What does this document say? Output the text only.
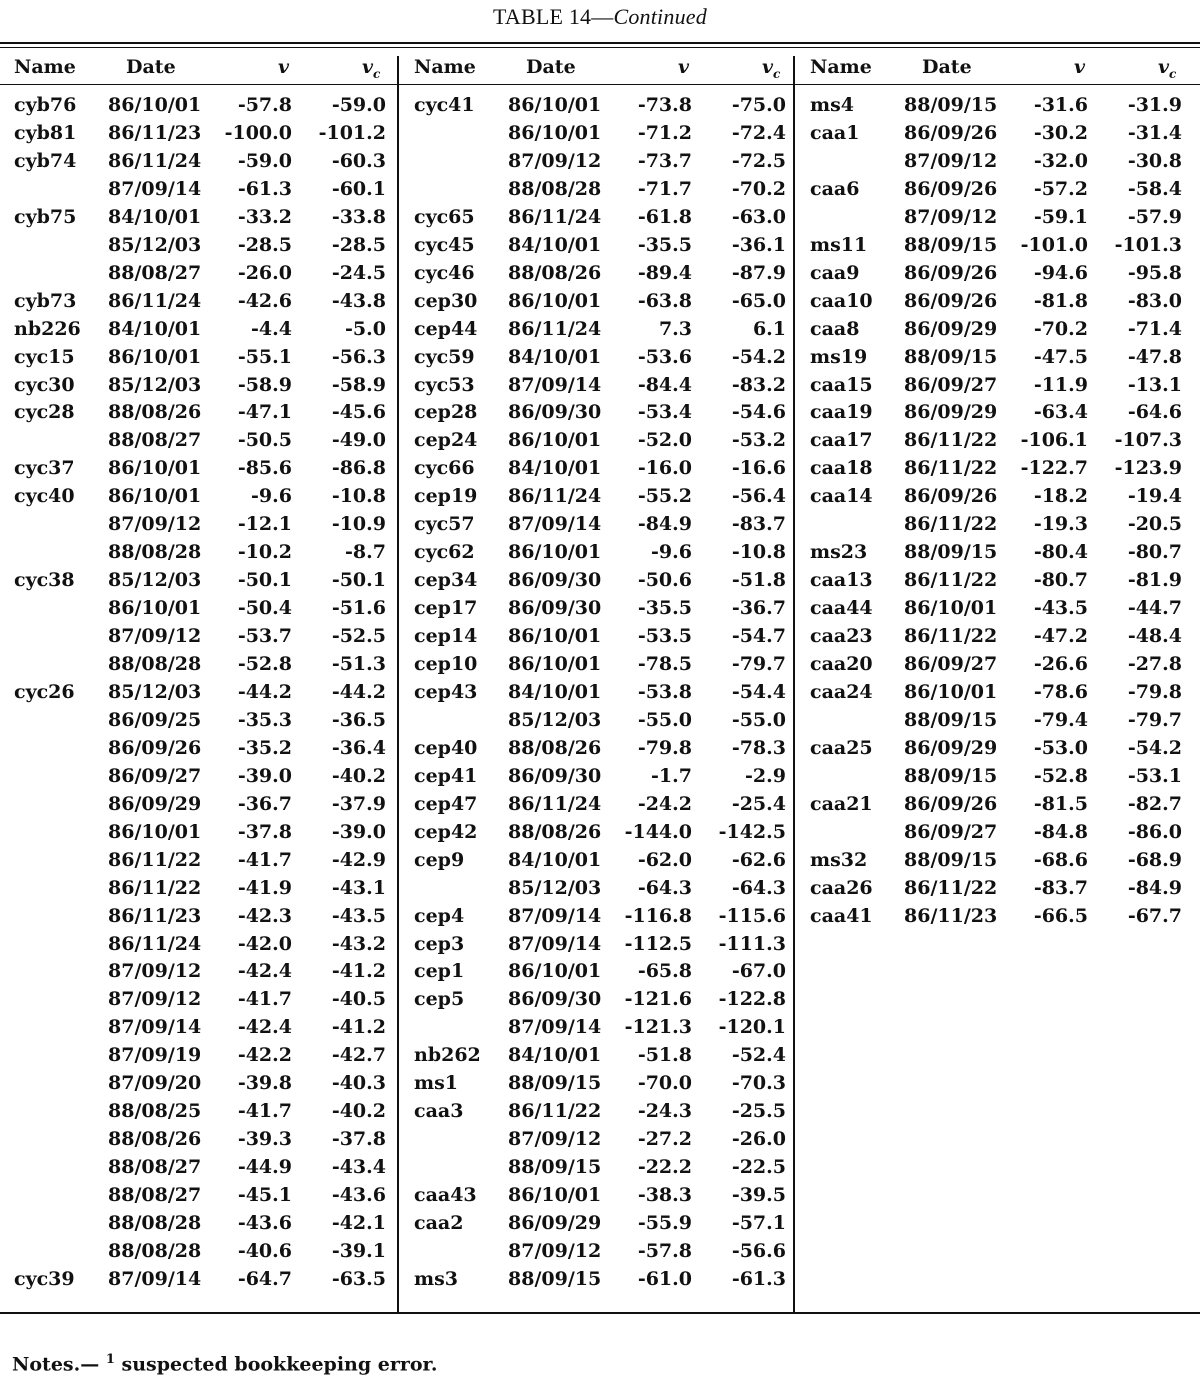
TABLE 14—Continued
Name	Date	v	$v_c$
cyb76 86/10/01 -57.8 -59.0
cyb81 86/11/23 -100.0 -101.2
cyb74 86/11/24 -59.0 -60.3
87/09/14 -61.3 -60.1
cyb75 84/10/01 -33.2 -33.8
85/12/03 -28.5 -28.5
88/08/27 -26.0 -24.5
cyb73 86/11/24 -42.6 -43.8
nb226 84/10/01	-4.4	-5.0
cyc15 86/10/01 -55.1 -56.3
cyc30 85/12/03 -58.9 -58.9
cyc28 88/08/26 -47.1 -45.6
88/08/27 -50.5 -49.0
cyc37 86/10/01 -85.6 -86.8
cyc40 86/10/01	-9.6 -10.8
87/09/12 -12.1 -10.9
88/08/28 -10.2	-8.7
cyc38 85/12/03 -50.1 -50.1
86/10/01 -50.4 -51.6
87/09/12 -53.7 -52.5
88/08/28 -52.8 -51.3
cyc26 85/12/03 -44.2 -44.2
86/09/25 -35.3 -36.5
86/09/26 -35.2 -36.4
86/09/27 -39.0 -40.2
86/09/29 -36.7 -37.9
86/10/01 -37.8 -39.0
86/11/22 -41.7 -42.9
86/11/22 -41.9 -43.1
86/11/23 -42.3 -43.5
86/11/24 -42.0 -43.2
87/09/12 -42.4 -41.2
87/09/12 -41.7 -40.5
87/09/14 -42.4 -41.2
87/09/19 -42.2 -42.7
87/09/20 -39.8 -40.3
88/08/25 -41.7 -40.2
88/08/26 -39.3 -37.8
88/08/27 -44.9 -43.4
88/08/27 -45.1 -43.6
88/08/28 -43.6 -42.1
88/08/28 -40.6 -39.1
cyc39 87/09/14 -64.7 -63.5
Name	Date	v	$v_c$
cyc41 86/10/01 -73.8 -75.0
86/10/01 -71.2 -72.4
87/09/12 -73.7 -72.5
88/08/28 -71.7 -70.2
cyc65 86/11/24 -61.8 -63.0
cyc45 84/10/01 -35.5 -36.1
cyc46 88/08/26 -89.4 -87.9
cep30 86/10/01 -63.8 -65.0
cep44 86/11/24	7.3	6.1
cyc59 84/10/01 -53.6 -54.2
cyc53 87/09/14 -84.4 -83.2
cep28 86/09/30 -53.4 -54.6
cep24 86/10/01 -52.0 -53.2
cyc66 84/10/01 -16.0 -16.6
cep19 86/11/24 -55.2 -56.4
cyc57 87/09/14 -84.9 -83.7
cyc62 86/10/01	-9.6 -10.8
cep34 86/09/30 -50.6 -51.8
cep17 86/09/30 -35.5 -36.7
cep14 86/10/01 -53.5 -54.7
cep10 86/10/01 -78.5 -79.7
cep43 84/10/01 -53.8 -54.4
85/12/03 -55.0 -55.0
cep40 88/08/26 -79.8 -78.3
cep41 86/09/30	-1.7	-2.9
cep47 86/11/24 -24.2 -25.4
cep42 88/08/26 -144.0 -142.5
cep9 84/10/01 -62.0 -62.6
85/12/03 -64.3 -64.3
cep4 87/09/14 -116.8 -115.6
cep3 87/09/14 -112.5 -111.3
cep1 86/10/01 -65.8 -67.0
cep5 86/09/30 -121.6 -122.8
87/09/14 -121.3 -120.1
nb262 84/10/01 -51.8 -52.4
ms1	88/09/15 -70.0 -70.3
caa3 86/11/22 -24.3 -25.5
87/09/12 -27.2 -26.0
88/09/15 -22.2 -22.5
caa43 86/10/01 -38.3 -39.5
caa2 86/09/29 -55.9 -57.1
87/09/12 -57.8 -56.6
ms3	88/09/15 -61.0 -61.3
Name	Date	v	$v_c$
ms4	88/09/15 -31.6 -31.9
caa1 86/09/26 -30.2 -31.4
87/09/12 -32.0 -30.8
caa6 86/09/26 -57.2 -58.4
87/09/12 -59.1 -57.9
ms11 88/09/15 -101.0 -101.3
caa9 86/09/26 -94.6 -95.8
caa10 86/09/26 -81.8 -83.0
caa8 86/09/29 -70.2 -71.4
ms19 88/09/15 -47.5 -47.8
caa15 86/09/27 -11.9 -13.1
caa19 86/09/29 -63.4 -64.6
caa17 86/11/22 -106.1 -107.3
caa18 86/11/22 -122.7 -123.9
caa14 86/09/26 -18.2 -19.4
86/11/22 -19.3 -20.5
ms23 88/09/15 -80.4 -80.7
caa13 86/11/22 -80.7 -81.9
caa44 86/10/01 -43.5 -44.7
caa23 86/11/22 -47.2 -48.4
caa20 86/09/27 -26.6 -27.8
caa24 86/10/01 -78.6 -79.8
88/09/15 -79.4 -79.7
caa25 86/09/29 -53.0 -54.2
88/09/15 -52.8 -53.1
caa21 86/09/26 -81.5 -82.7
86/09/27 -84.8 -86.0
ms32 88/09/15 -68.6 -68.9
caa26 86/11/22 -83.7 -84.9
caa41 86/11/23 -66.5 -67.7
Notes.— $^1$ suspected bookkeeping error.
